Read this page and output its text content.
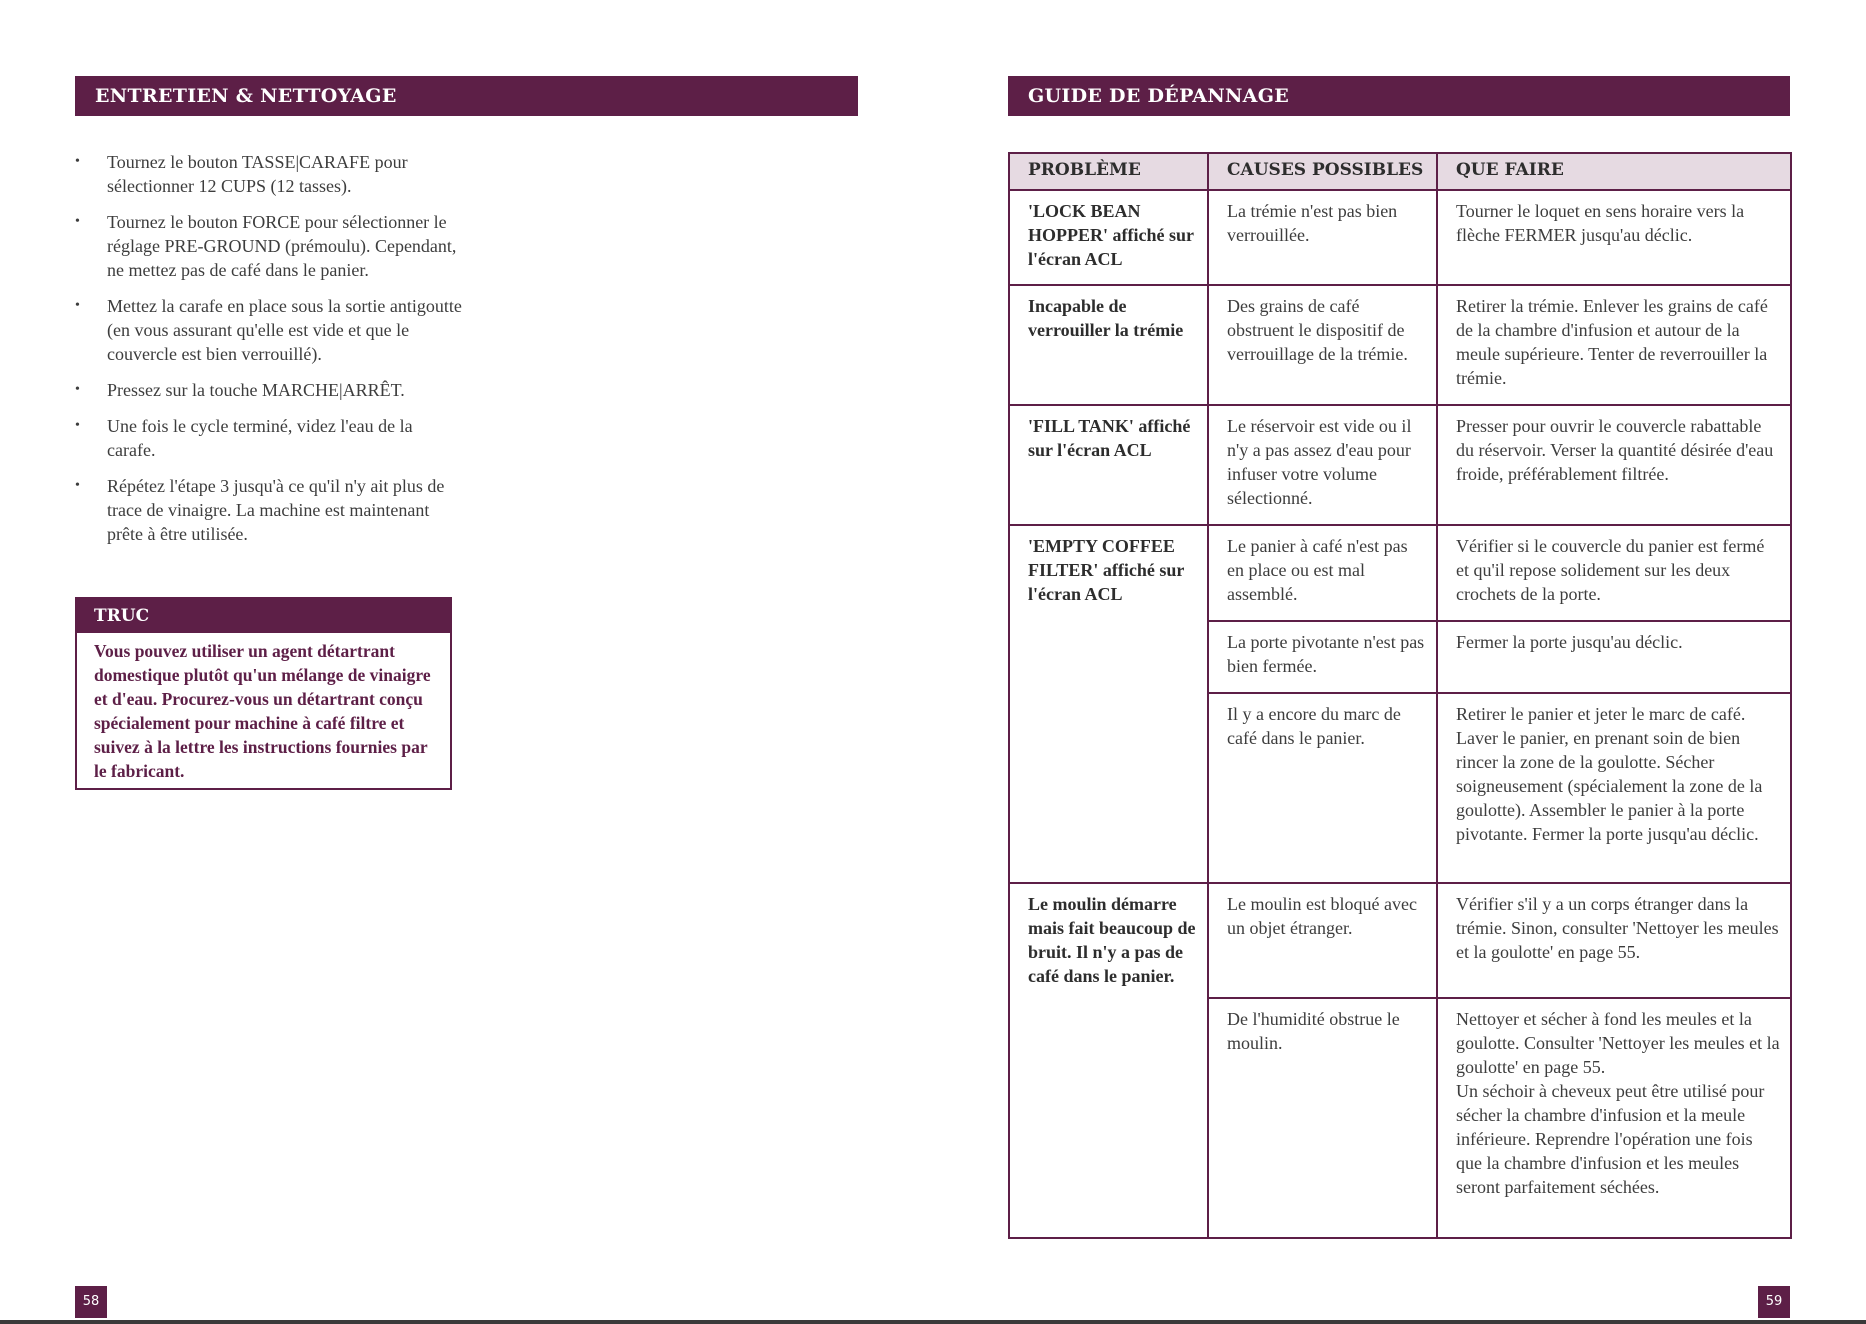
ENTRETIEN & NETTOYAGE
• Tournez le bouton TASSE|CARAFE pour sélectionner 12 CUPS (12 tasses).
• Tournez le bouton FORCE pour sélectionner le réglage PRE-GROUND (prémoulu). Cependant, ne mettez pas de café dans le panier.
• Mettez la carafe en place sous la sortie antigoutte (en vous assurant qu'elle est vide et que le couvercle est bien verrouillé).
• Pressez sur la touche MARCHE|ARRÊT.
• Une fois le cycle terminé, videz l'eau de la carafe.
• Répétez l'étape 3 jusqu'à ce qu'il n'y ait plus de trace de vinaigre. La machine est maintenant prête à être utilisée.
TRUC
Vous pouvez utiliser un agent détartrant domestique plutôt qu'un mélange de vinaigre et d'eau. Procurez-vous un détartrant conçu spécialement pour machine à café filtre et suivez à la lettre les instructions fournies par le fabricant.
GUIDE DE DÉPANNAGE
PROBLÈME	CAUSES POSSIBLES	QUE FAIRE
'LOCK BEAN HOPPER' affiché sur l'écran ACL	La trémie n'est pas bien verrouillée.	Tourner le loquet en sens horaire vers la flèche FERMER jusqu'au déclic.
Incapable de verrouiller la trémie	Des grains de café obstruent le dispositif de verrouillage de la trémie.	Retirer la trémie. Enlever les grains de café de la chambre d'infusion et autour de la meule supérieure. Tenter de reverrouiller la trémie.
'FILL TANK' affiché sur l'écran ACL	Le réservoir est vide ou il n'y a pas assez d'eau pour infuser votre volume sélectionné.	Presser pour ouvrir le couvercle rabattable du réservoir. Verser la quantité désirée d'eau froide, préférablement filtrée.
'EMPTY COFFEE FILTER' affiché sur l'écran ACL	Le panier à café n'est pas en place ou est mal assemblé.	Vérifier si le couvercle du panier est fermé et qu'il repose solidement sur les deux crochets de la porte.
	La porte pivotante n'est pas bien fermée.	Fermer la porte jusqu'au déclic.
	Il y a encore du marc de café dans le panier.	Retirer le panier et jeter le marc de café. Laver le panier, en prenant soin de bien rincer la zone de la goulotte. Sécher soigneusement (spécialement la zone de la goulotte). Assembler le panier à la porte pivotante. Fermer la porte jusqu'au déclic.
Le moulin démarre mais fait beaucoup de bruit. Il n'y a pas de café dans le panier.	Le moulin est bloqué avec un objet étranger.	Vérifier s'il y a un corps étranger dans la trémie. Sinon, consulter 'Nettoyer les meules et la goulotte' en page 55.
	De l'humidité obstrue le moulin.	Nettoyer et sécher à fond les meules et la goulotte. Consulter 'Nettoyer les meules et la goulotte' en page 55.
Un séchoir à cheveux peut être utilisé pour sécher la chambre d'infusion et la meule inférieure. Reprendre l'opération une fois que la chambre d'infusion et les meules seront parfaitement séchées.
58	59
